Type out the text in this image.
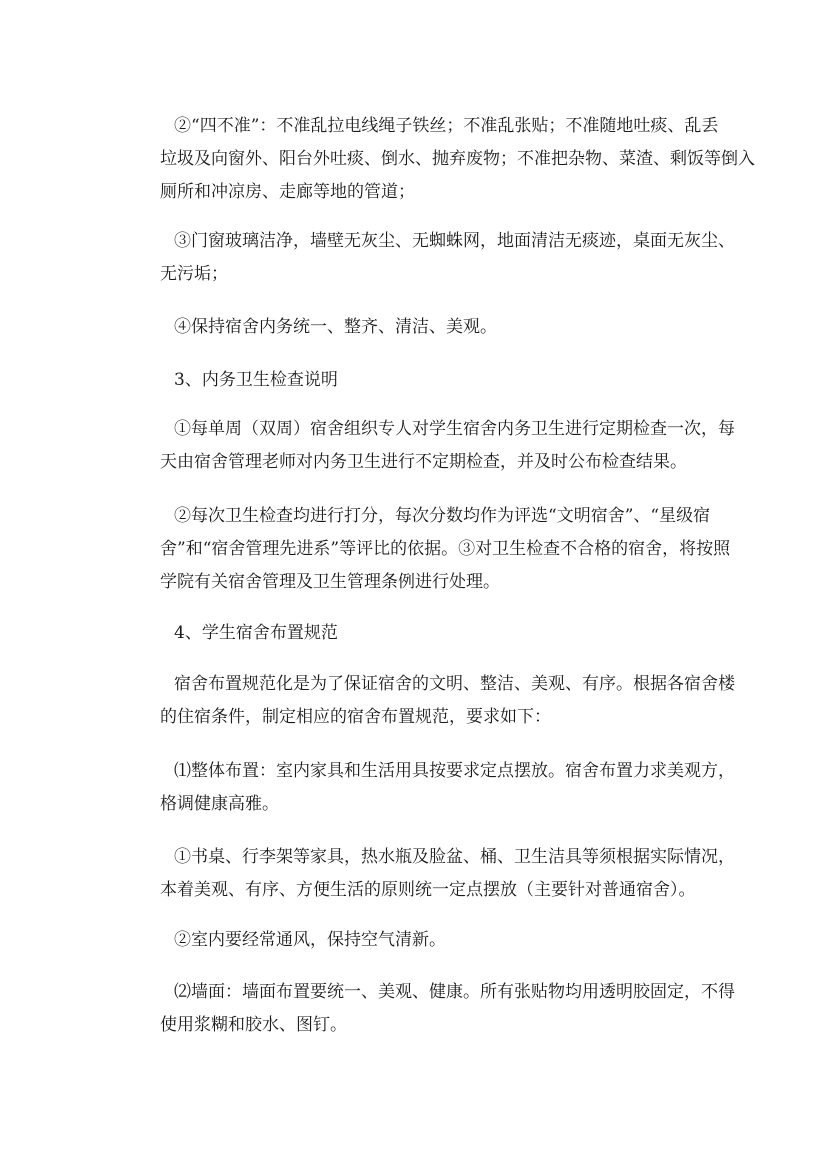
②“四不准”：不准乱拉电线绳子铁丝；不准乱张贴；不准随地吐痰、乱丢
垃圾及向窗外、阳台外吐痰、倒水、抛弃废物；不准把杂物、菜渣、剩饭等倒入
厕所和冲凉房、走廊等地的管道；

③门窗玻璃洁净，墙壁无灰尘、无蜘蛛网，地面清洁无痰迹，桌面无灰尘、
无污垢；

④保持宿舍内务统一、整齐、清洁、美观。

3、内务卫生检查说明

①每单周（双周）宿舍组织专人对学生宿舍内务卫生进行定期检查一次，每
天由宿舍管理老师对内务卫生进行不定期检查，并及时公布检查结果。

②每次卫生检查均进行打分，每次分数均作为评选“文明宿舍”、“星级宿
舍”和“宿舍管理先进系”等评比的依据。③对卫生检查不合格的宿舍，将按照
学院有关宿舍管理及卫生管理条例进行处理。

4、学生宿舍布置规范

宿舍布置规范化是为了保证宿舍的文明、整洁、美观、有序。根据各宿舍楼
的住宿条件，制定相应的宿舍布置规范，要求如下：

⑴整体布置：室内家具和生活用具按要求定点摆放。宿舍布置力求美观方，
格调健康高雅。

①书桌、行李架等家具，热水瓶及脸盆、桶、卫生洁具等须根据实际情况，
本着美观、有序、方便生活的原则统一定点摆放（主要针对普通宿舍）。

②室内要经常通风，保持空气清新。

⑵墙面：墙面布置要统一、美观、健康。所有张贴物均用透明胶固定，不得
使用浆糊和胶水、图钉。
